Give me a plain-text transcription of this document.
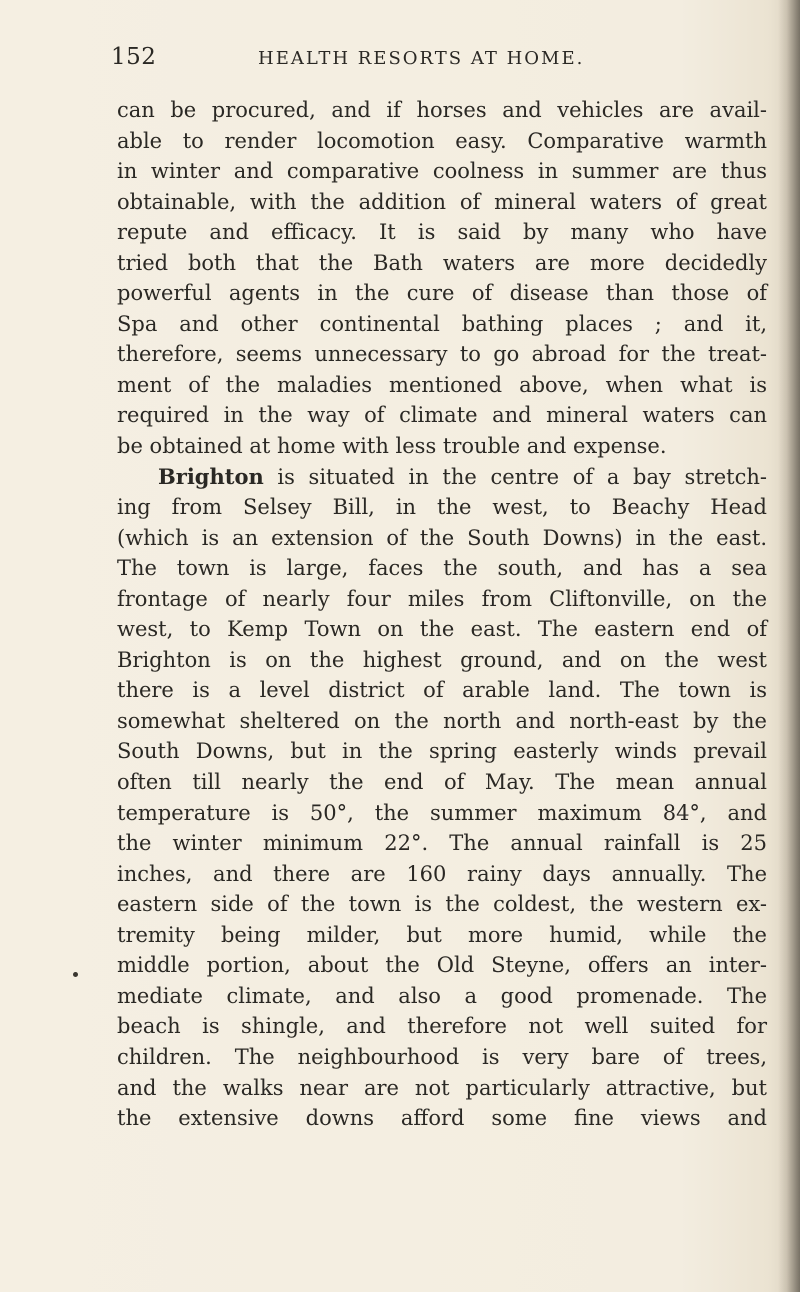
152	HEALTH RESORTS AT HOME.
can be procured, and if horses and vehicles are avail-
able to render locomotion easy. Comparative warmth
in winter and comparative coolness in summer are thus
obtainable, with the addition of mineral waters of great
repute and efficacy. It is said by many who have
tried both that the Bath waters are more decidedly
powerful agents in the cure of disease than those of
Spa and other continental bathing places ; and it,
therefore, seems unnecessary to go abroad for the treat-
ment of the maladies mentioned above, when what is
required in the way of climate and mineral waters can
be obtained at home with less trouble and expense.
Brighton is situated in the centre of a bay stretch-
ing from Selsey Bill, in the west, to Beachy Head
(which is an extension of the South Downs) in the east.
The town is large, faces the south, and has a sea
frontage of nearly four miles from Cliftonville, on the
west, to Kemp Town on the east. The eastern end of
Brighton is on the highest ground, and on the west
there is a level district of arable land. The town is
somewhat sheltered on the north and north-east by the
South Downs, but in the spring easterly winds prevail
often till nearly the end of May. The mean annual
temperature is 50°, the summer maximum 84°, and
the winter minimum 22°. The annual rainfall is 25
inches, and there are 160 rainy days annually. The
eastern side of the town is the coldest, the western ex-
tremity being milder, but more humid, while the
middle portion, about the Old Steyne, offers an inter-
mediate climate, and also a good promenade. The
beach is shingle, and therefore not well suited for
children. The neighbourhood is very bare of trees,
and the walks near are not particularly attractive, but
the extensive downs afford some fine views and
